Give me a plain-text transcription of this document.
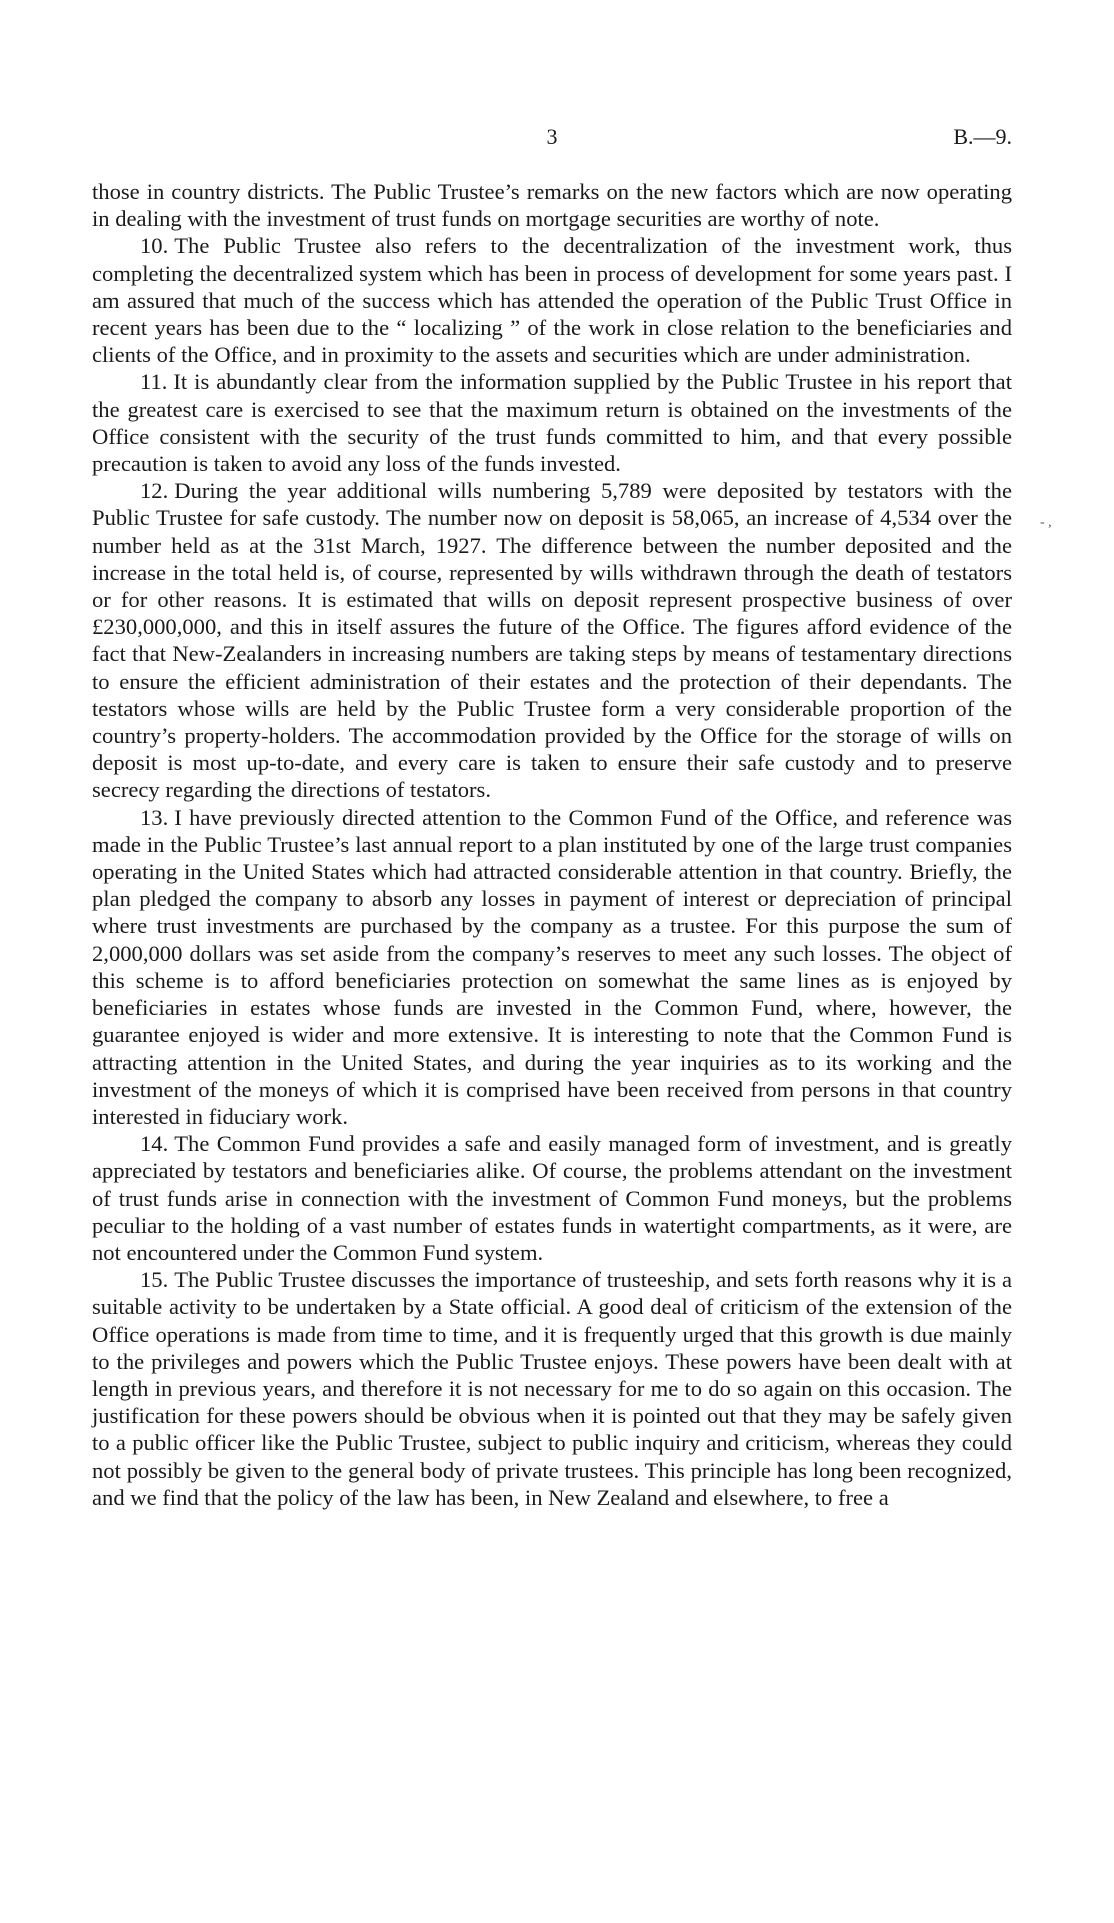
3	B.—9.
- ,

those in country districts. The Public Trustee’s remarks on the new factors which are now operating in dealing with the investment of trust funds on mortgage securities are worthy of note.

10. The Public Trustee also refers to the decentralization of the investment work, thus completing the decentralized system which has been in process of development for some years past. I am assured that much of the success which has attended the operation of the Public Trust Office in recent years has been due to the “ localizing ” of the work in close relation to the beneficiaries and clients of the Office, and in proximity to the assets and securities which are under administration.

11. It is abundantly clear from the information supplied by the Public Trustee in his report that the greatest care is exercised to see that the maximum return is obtained on the investments of the Office consistent with the security of the trust funds committed to him, and that every possible precaution is taken to avoid any loss of the funds invested.

12. During the year additional wills numbering 5,789 were deposited by testators with the Public Trustee for safe custody. The number now on deposit is 58,065, an increase of 4,534 over the number held as at the 31st March, 1927. The difference between the number deposited and the increase in the total held is, of course, represented by wills withdrawn through the death of testators or for other reasons. It is estimated that wills on deposit represent prospective business of over £230,000,000, and this in itself assures the future of the Office. The figures afford evidence of the fact that New-Zealanders in increasing numbers are taking steps by means of testamentary directions to ensure the efficient administration of their estates and the protection of their dependants. The testators whose wills are held by the Public Trustee form a very considerable proportion of the country’s property-holders. The accommodation provided by the Office for the storage of wills on deposit is most up-to-date, and every care is taken to ensure their safe custody and to preserve secrecy regarding the directions of testators.

13. I have previously directed attention to the Common Fund of the Office, and reference was made in the Public Trustee’s last annual report to a plan instituted by one of the large trust companies operating in the United States which had attracted considerable attention in that country. Briefly, the plan pledged the company to absorb any losses in payment of interest or depreciation of principal where trust investments are purchased by the company as a trustee. For this purpose the sum of 2,000,000 dollars was set aside from the company’s reserves to meet any such losses. The object of this scheme is to afford beneficiaries protection on somewhat the same lines as is enjoyed by beneficiaries in estates whose funds are invested in the Common Fund, where, however, the guarantee enjoyed is wider and more extensive. It is interesting to note that the Common Fund is attracting attention in the United States, and during the year inquiries as to its working and the investment of the moneys of which it is comprised have been received from persons in that country interested in fiduciary work.

14. The Common Fund provides a safe and easily managed form of investment, and is greatly appreciated by testators and beneficiaries alike. Of course, the problems attendant on the investment of trust funds arise in connection with the investment of Common Fund moneys, but the problems peculiar to the holding of a vast number of estates funds in watertight compartments, as it were, are not encountered under the Common Fund system.

15. The Public Trustee discusses the importance of trusteeship, and sets forth reasons why it is a suitable activity to be undertaken by a State official. A good deal of criticism of the extension of the Office operations is made from time to time, and it is frequently urged that this growth is due mainly to the privileges and powers which the Public Trustee enjoys. These powers have been dealt with at length in previous years, and therefore it is not necessary for me to do so again on this occasion. The justification for these powers should be obvious when it is pointed out that they may be safely given to a public officer like the Public Trustee, subject to public inquiry and criticism, whereas they could not possibly be given to the general body of private trustees. This principle has long been recognized, and we find that the policy of the law has been, in New Zealand and elsewhere, to free a
